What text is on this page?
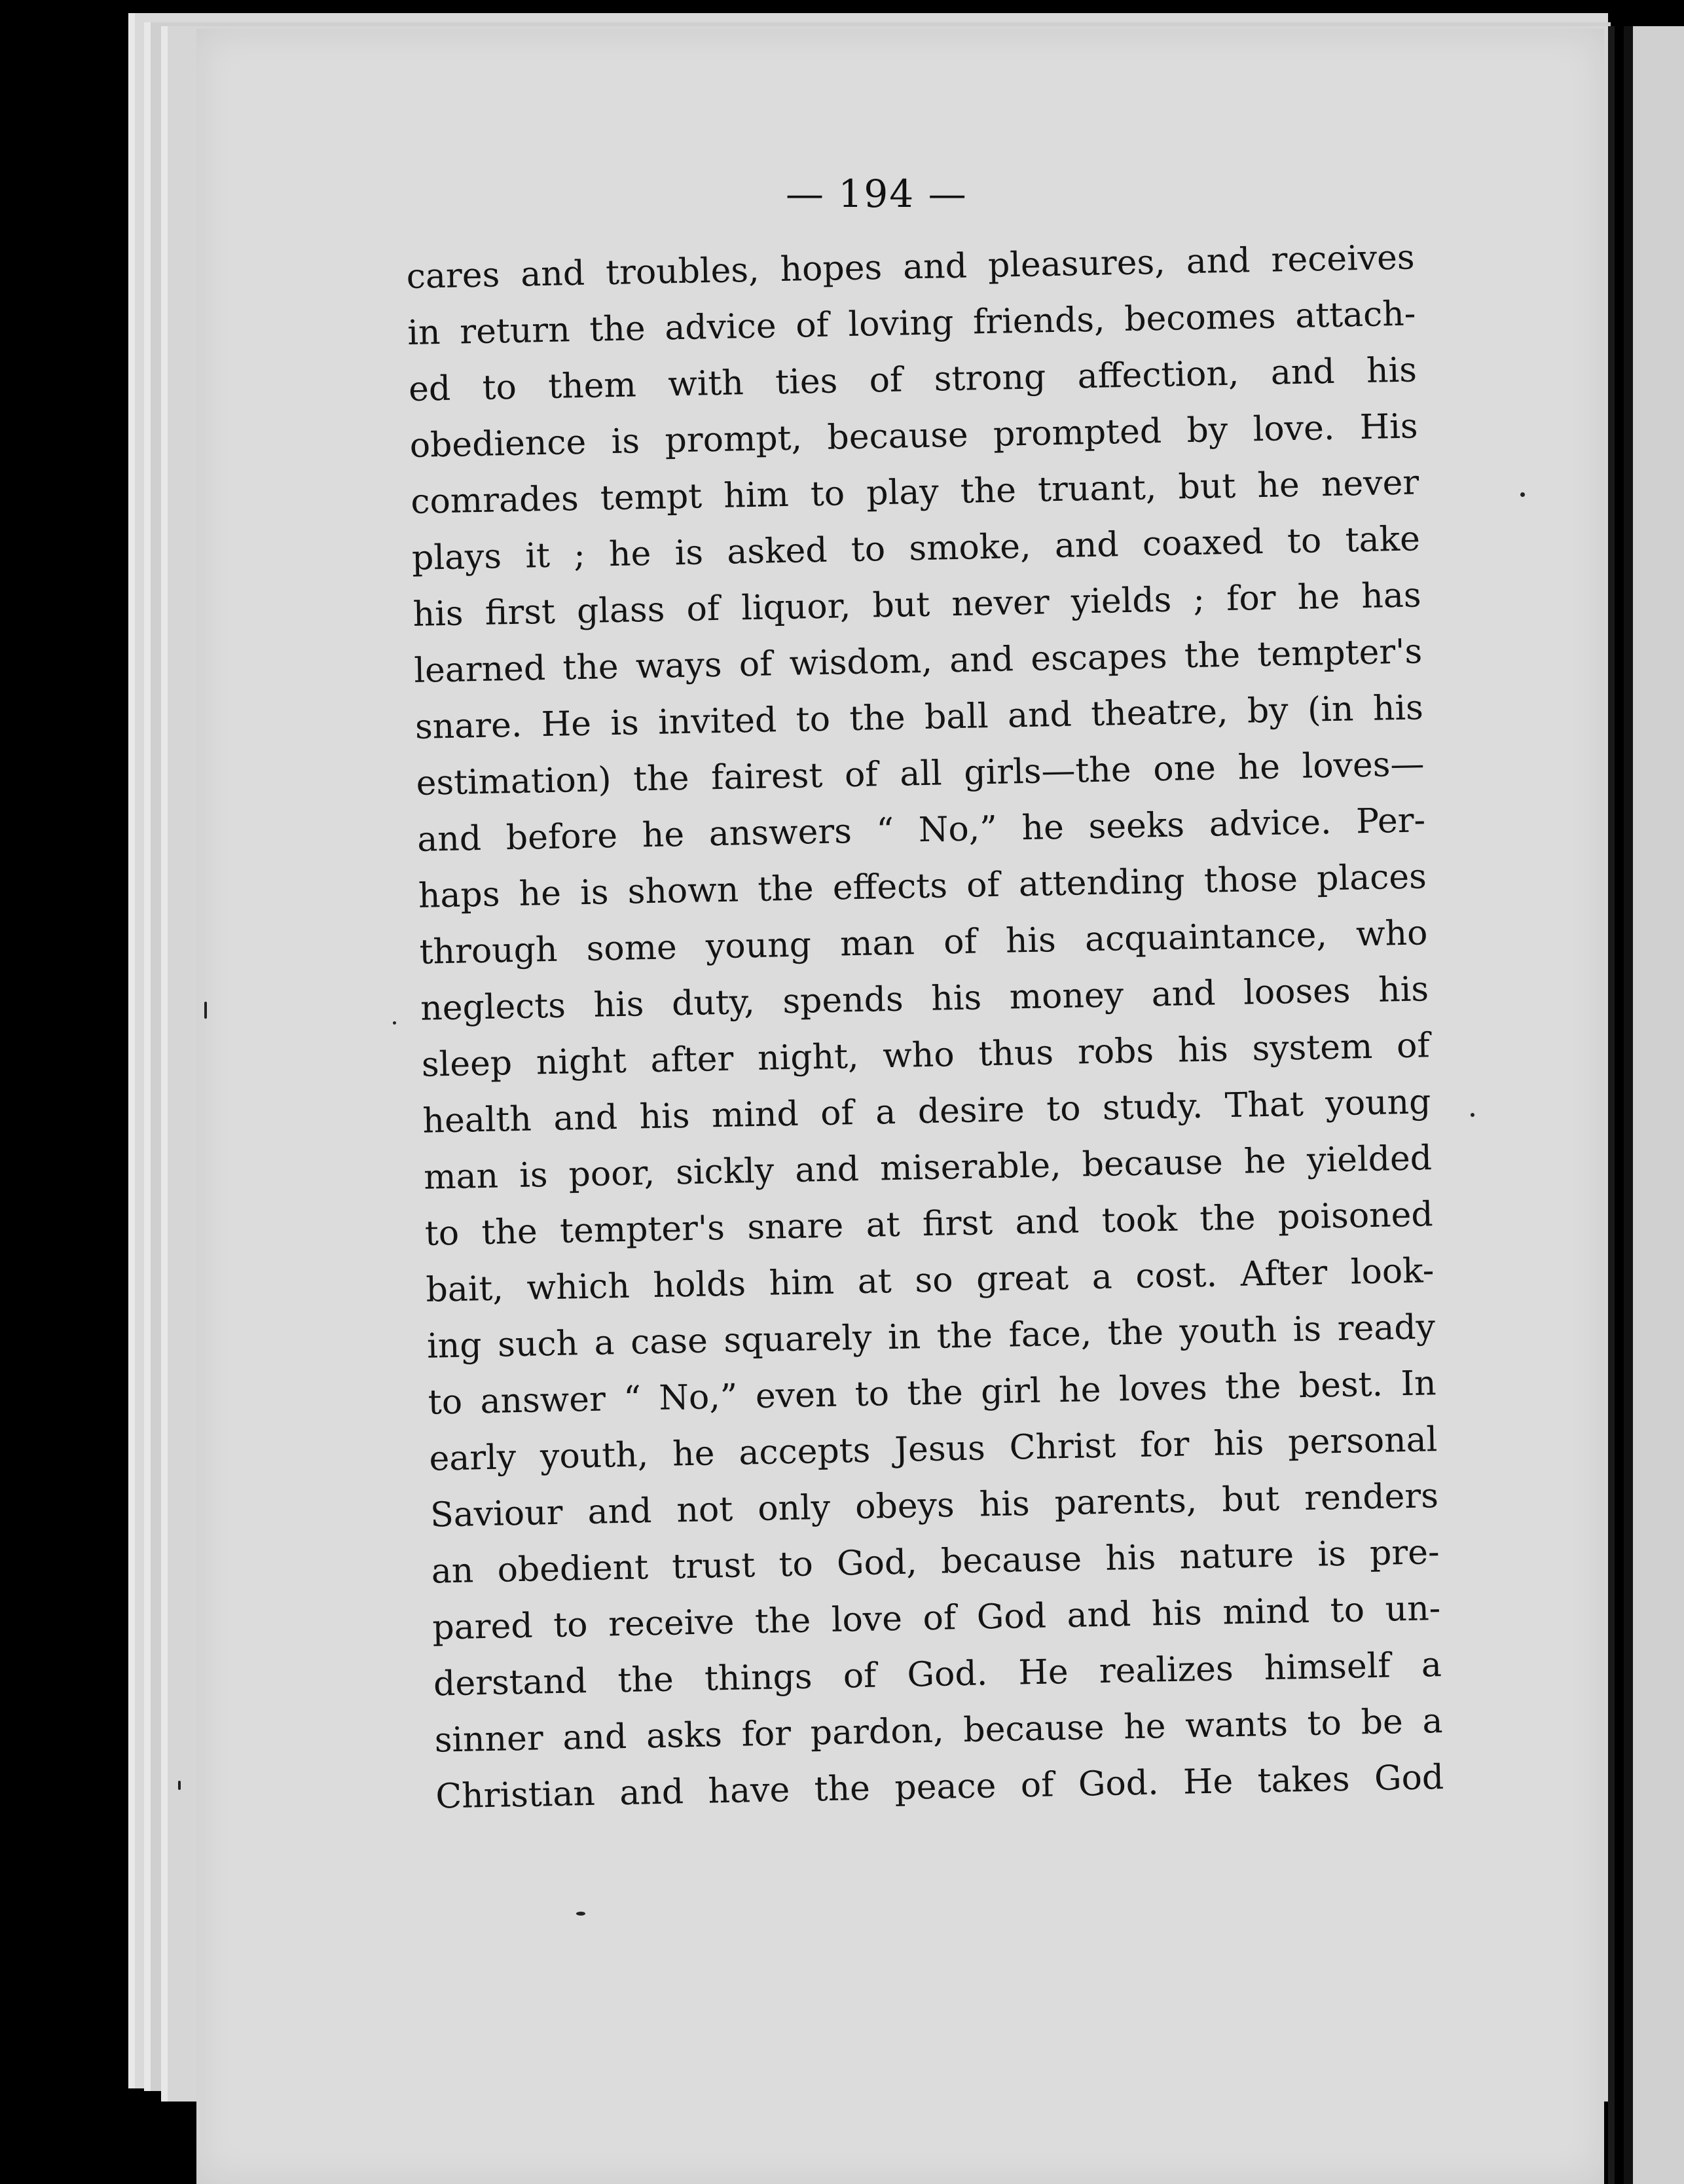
— 194 —
cares and troubles, hopes and pleasures, and receives
in return the advice of loving friends, becomes attach-
ed to them with ties of strong affection, and his
obedience is prompt, because prompted by love. His
comrades tempt him to play the truant, but he never
plays it ; he is asked to smoke, and coaxed to take
his first glass of liquor, but never yields ; for he has
learned the ways of wisdom, and escapes the tempter's
snare. He is invited to the ball and theatre, by (in his
estimation) the fairest of all girls—the one he loves—
and before he answers “ No,” he seeks advice. Per-
haps he is shown the effects of attending those places
through some young man of his acquaintance, who
neglects his duty, spends his money and looses his
sleep night after night, who thus robs his system of
health and his mind of a desire to study. That young
man is poor, sickly and miserable, because he yielded
to the tempter's snare at first and took the poisoned
bait, which holds him at so great a cost. After look-
ing such a case squarely in the face, the youth is ready
to answer “ No,” even to the girl he loves the best. In
early youth, he accepts Jesus Christ for his personal
Saviour and not only obeys his parents, but renders
an obedient trust to God, because his nature is pre-
pared to receive the love of God and his mind to un-
derstand the things of God. He realizes himself a
sinner and asks for pardon, because he wants to be a
Christian and have the peace of God. He takes God
